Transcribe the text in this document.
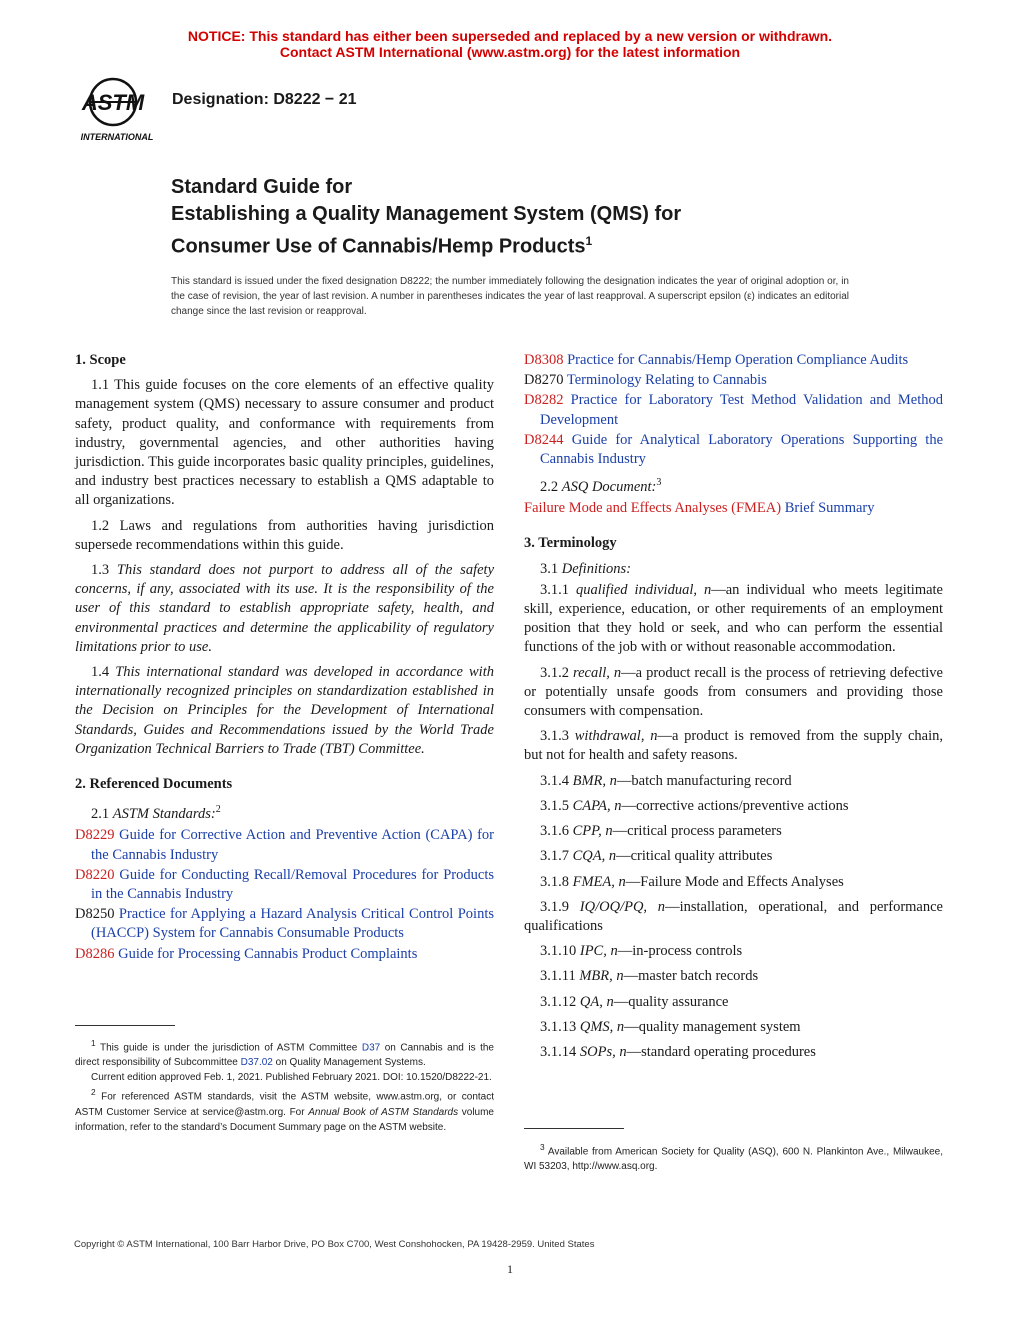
NOTICE: This standard has either been superseded and replaced by a new version or withdrawn.
Contact ASTM International (www.astm.org) for the latest information
ASTM
INTERNATIONAL
Designation: D8222 − 21
Standard Guide for
Establishing a Quality Management System (QMS) for
Consumer Use of Cannabis/Hemp Products$^1$
This standard is issued under the fixed designation D8222; the number immediately following the designation indicates the year of original adoption or, in the case of revision, the year of last revision. A number in parentheses indicates the year of last reapproval. A superscript epsilon (ε) indicates an editorial change since the last revision or reapproval.

1. Scope

1.1 This guide focuses on the core elements of an effective quality management system (QMS) necessary to assure consumer and product safety, product quality, and conformance with requirements from industry, governmental agencies, and other authorities having jurisdiction. This guide incorporates basic quality principles, guidelines, and industry best practices necessary to establish a QMS adaptable to all organizations.

1.2 Laws and regulations from authorities having jurisdiction supersede recommendations within this guide.

1.3 This standard does not purport to address all of the safety concerns, if any, associated with its use. It is the responsibility of the user of this standard to establish appropriate safety, health, and environmental practices and determine the applicability of regulatory limitations prior to use.

1.4 This international standard was developed in accordance with internationally recognized principles on standardization established in the Decision on Principles for the Development of International Standards, Guides and Recommendations issued by the World Trade Organization Technical Barriers to Trade (TBT) Committee.

2. Referenced Documents

2.1 ASTM Standards:$^2$

D8229 Guide for Corrective Action and Preventive Action (CAPA) for the Cannabis Industry

D8220 Guide for Conducting Recall/Removal Procedures for Products in the Cannabis Industry

D8250 Practice for Applying a Hazard Analysis Critical Control Points (HACCP) System for Cannabis Consumable Products

D8286 Guide for Processing Cannabis Product Complaints

$^1$ This guide is under the jurisdiction of ASTM Committee D37 on Cannabis and is the direct responsibility of Subcommittee D37.02 on Quality Management Systems.

Current edition approved Feb. 1, 2021. Published February 2021. DOI: 10.1520/D8222-21.

$^2$ For referenced ASTM standards, visit the ASTM website, www.astm.org, or contact ASTM Customer Service at service@astm.org. For Annual Book of ASTM Standards volume information, refer to the standard’s Document Summary page on the ASTM website.

D8308 Practice for Cannabis/Hemp Operation Compliance Audits

D8270 Terminology Relating to Cannabis

D8282 Practice for Laboratory Test Method Validation and Method Development

D8244 Guide for Analytical Laboratory Operations Supporting the Cannabis Industry

2.2 ASQ Document:$^3$

Failure Mode and Effects Analyses (FMEA) Brief Summary

3. Terminology

3.1 Definitions:

3.1.1 qualified individual, n—an individual who meets legitimate skill, experience, education, or other requirements of an employment position that they hold or seek, and who can perform the essential functions of the job with or without reasonable accommodation.

3.1.2 recall, n—a product recall is the process of retrieving defective or potentially unsafe goods from consumers and providing those consumers with compensation.

3.1.3 withdrawal, n—a product is removed from the supply chain, but not for health and safety reasons.

3.1.4 BMR, n—batch manufacturing record

3.1.5 CAPA, n—corrective actions/preventive actions

3.1.6 CPP, n—critical process parameters

3.1.7 CQA, n—critical quality attributes

3.1.8 FMEA, n—Failure Mode and Effects Analyses

3.1.9 IQ/OQ/PQ, n—installation, operational, and performance qualifications

3.1.10 IPC, n—in-process controls

3.1.11 MBR, n—master batch records

3.1.12 QA, n—quality assurance

3.1.13 QMS, n—quality management system

3.1.14 SOPs, n—standard operating procedures

$^3$ Available from American Society for Quality (ASQ), 600 N. Plankinton Ave., Milwaukee, WI 53203, http://www.asq.org.

Copyright © ASTM International, 100 Barr Harbor Drive, PO Box C700, West Conshohocken, PA 19428-2959. United States
1
